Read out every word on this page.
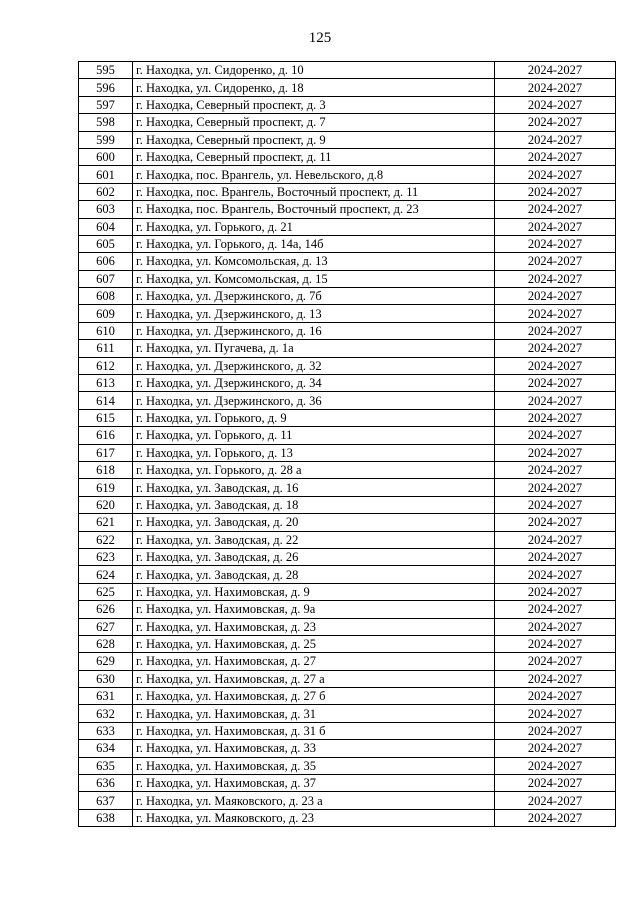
125
595	г. Находка, ул. Сидоренко, д. 10	2024-2027
596	г. Находка, ул. Сидоренко, д. 18	2024-2027
597	г. Находка, Северный проспект, д. 3	2024-2027
598	г. Находка, Северный проспект, д. 7	2024-2027
599	г. Находка, Северный проспект, д. 9	2024-2027
600	г. Находка, Северный проспект, д. 11	2024-2027
601	г. Находка, пос. Врангель, ул. Невельского, д.8	2024-2027
602	г. Находка, пос. Врангель, Восточный проспект, д. 11	2024-2027
603	г. Находка, пос. Врангель, Восточный проспект, д. 23	2024-2027
604	г. Находка, ул. Горького, д. 21	2024-2027
605	г. Находка, ул. Горького, д. 14а, 14б	2024-2027
606	г. Находка, ул. Комсомольская, д. 13	2024-2027
607	г. Находка, ул. Комсомольская, д. 15	2024-2027
608	г. Находка, ул. Дзержинского, д. 7б	2024-2027
609	г. Находка, ул. Дзержинского, д. 13	2024-2027
610	г. Находка, ул. Дзержинского, д. 16	2024-2027
611	г. Находка, ул. Пугачева, д. 1а	2024-2027
612	г. Находка, ул. Дзержинского, д. 32	2024-2027
613	г. Находка, ул. Дзержинского, д. 34	2024-2027
614	г. Находка, ул. Дзержинского, д. 36	2024-2027
615	г. Находка, ул. Горького, д. 9	2024-2027
616	г. Находка, ул. Горького, д. 11	2024-2027
617	г. Находка, ул. Горького, д. 13	2024-2027
618	г. Находка, ул. Горького, д. 28 а	2024-2027
619	г. Находка, ул. Заводская, д. 16	2024-2027
620	г. Находка, ул. Заводская, д. 18	2024-2027
621	г. Находка, ул. Заводская, д. 20	2024-2027
622	г. Находка, ул. Заводская, д. 22	2024-2027
623	г. Находка, ул. Заводская, д. 26	2024-2027
624	г. Находка, ул. Заводская, д. 28	2024-2027
625	г. Находка, ул. Нахимовская, д. 9	2024-2027
626	г. Находка, ул. Нахимовская, д. 9а	2024-2027
627	г. Находка, ул. Нахимовская, д. 23	2024-2027
628	г. Находка, ул. Нахимовская, д. 25	2024-2027
629	г. Находка, ул. Нахимовская, д. 27	2024-2027
630	г. Находка, ул. Нахимовская, д. 27 а	2024-2027
631	г. Находка, ул. Нахимовская, д. 27 б	2024-2027
632	г. Находка, ул. Нахимовская, д. 31	2024-2027
633	г. Находка, ул. Нахимовская, д. 31 б	2024-2027
634	г. Находка, ул. Нахимовская, д. 33	2024-2027
635	г. Находка, ул. Нахимовская, д. 35	2024-2027
636	г. Находка, ул. Нахимовская, д. 37	2024-2027
637	г. Находка, ул. Маяковского, д. 23 а	2024-2027
638	г. Находка, ул. Маяковского, д. 23	2024-2027
